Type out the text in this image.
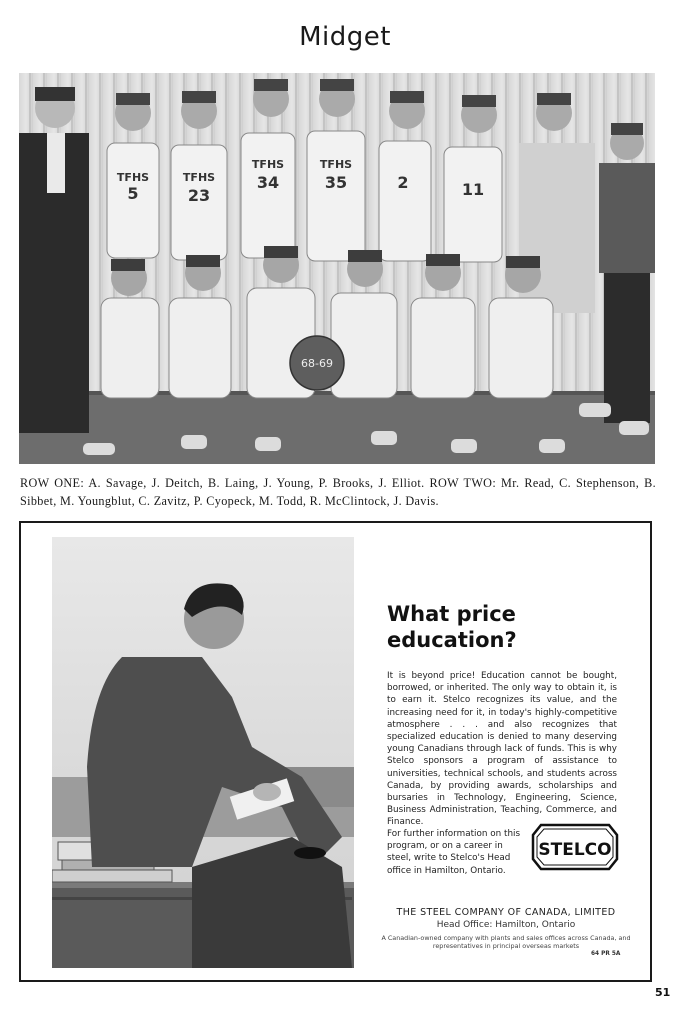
Midget
TFHS
5
TFHS
23
TFHS
34
TFHS
35	2	11
68-69
ROW ONE: A. Savage, J. Deitch, B. Laing, J. Young, P. Brooks, J. Elliot. ROW TWO: Mr. Read, C. Stephenson, B. Sibbet, M. Youngblut, C. Zavitz, P. Cyopeck, M. Todd, R. McClintock, J. Davis.
What price
education?
It is beyond price! Education cannot be bought, borrowed, or inherited. The only way to obtain it, is to earn it. Stelco recognizes its value, and the increasing need for it, in today's highly-competitive atmosphere . . . and also recognizes that specialized education is denied to many deserving young Canadians through lack of funds. This is why Stelco sponsors a program of assistance to universities, technical schools, and students across Canada, by providing awards, scholarships and bursaries in Technology, Engineering, Science, Business Administration, Teaching, Commerce, and Finance.
For further information on this program, or on a career in steel, write to Stelco's Head office in Hamilton, Ontario.
STELCO
THE STEEL COMPANY OF CANADA, LIMITED
Head Office: Hamilton, Ontario
A Canadian-owned company with plants and sales offices across Canada, and representatives in principal overseas markets
64 PR 5A
51
